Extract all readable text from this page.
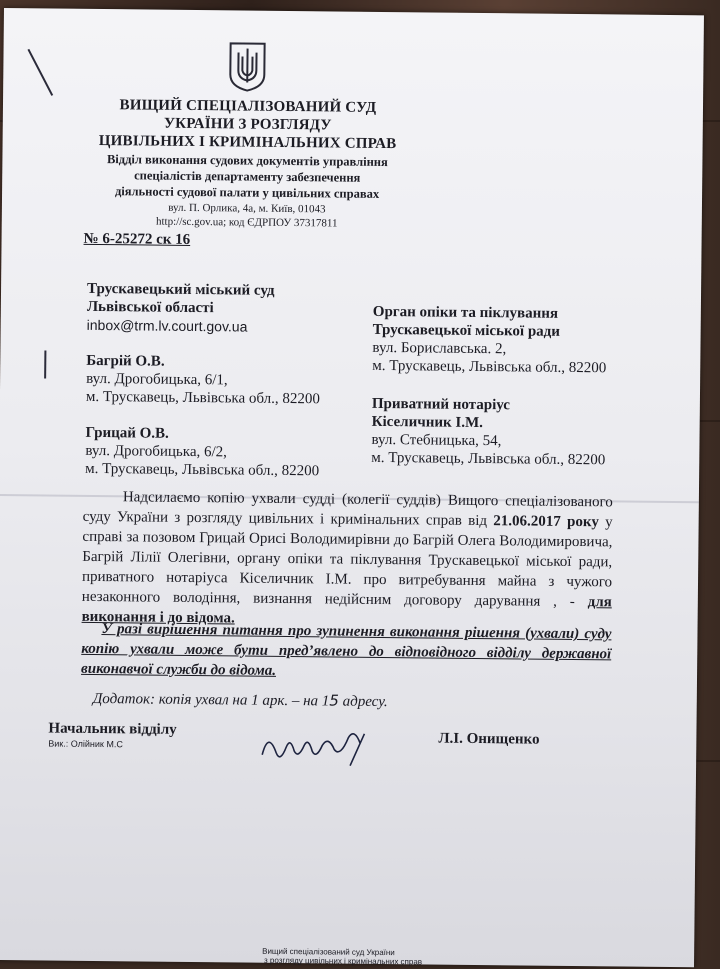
ВИЩИЙ СПЕЦІАЛІЗОВАНИЙ СУД
УКРАЇНИ З РОЗГЛЯДУ
ЦИВІЛЬНИХ І КРИМІНАЛЬНИХ СПРАВ
Відділ виконання судових документів управління
спеціалістів департаменту забезпечення
діяльності судової палати у цивільних справах
вул. П. Орлика, 4а, м. Київ, 01043
http://sc.gov.ua; код ЄДРПОУ 37317811
№ 6-25272 ск 16
Трускавецький міський суд
Львівської області
inbox@trm.lv.court.gov.ua
Багрій О.В.
вул. Дрогобицька, 6/1,
м. Трускавець, Львівська обл., 82200
Грицай О.В.
вул. Дрогобицька, 6/2,
м. Трускавець, Львівська обл., 82200
Орган опіки та піклування
Трускавецької міської ради
вул. Бориславська. 2,
м. Трускавець, Львівська обл., 82200
Приватний нотаріус
Кіселичник І.М.
вул. Стебницька, 54,
м. Трускавець, Львівська обл., 82200
Надсилаємо копію ухвали судді (колегії суддів) Вищого спеціалізованого суду України з розгляду цивільних і кримінальних справ від 21.06.2017 року у справі за позовом Грицай Орисі Володимирівни до Багрій Олега Володимировича, Багрій Лілії Олегівни, органу опіки та піклування Трускавецької міської ради, приватного нотаріуса Кіселичник І.М. про витребування майна з чужого незаконного володіння, визнання недійсним договору дарування , - для виконання і до відома.
У разі вирішення питання про зупинення виконання рішення (ухвали) суду копію ухвали може бути пред’явлено до відповідного відділу державної виконавчої служби до відома.
Додаток: копія ухвал на 1 арк. – на 15 адресу.
Начальник відділу
Вик.: Олійник М.С	Л.І. Онищенко
Вищий спеціалізований суд України
з розгляду цивільних і кримінальних справ
